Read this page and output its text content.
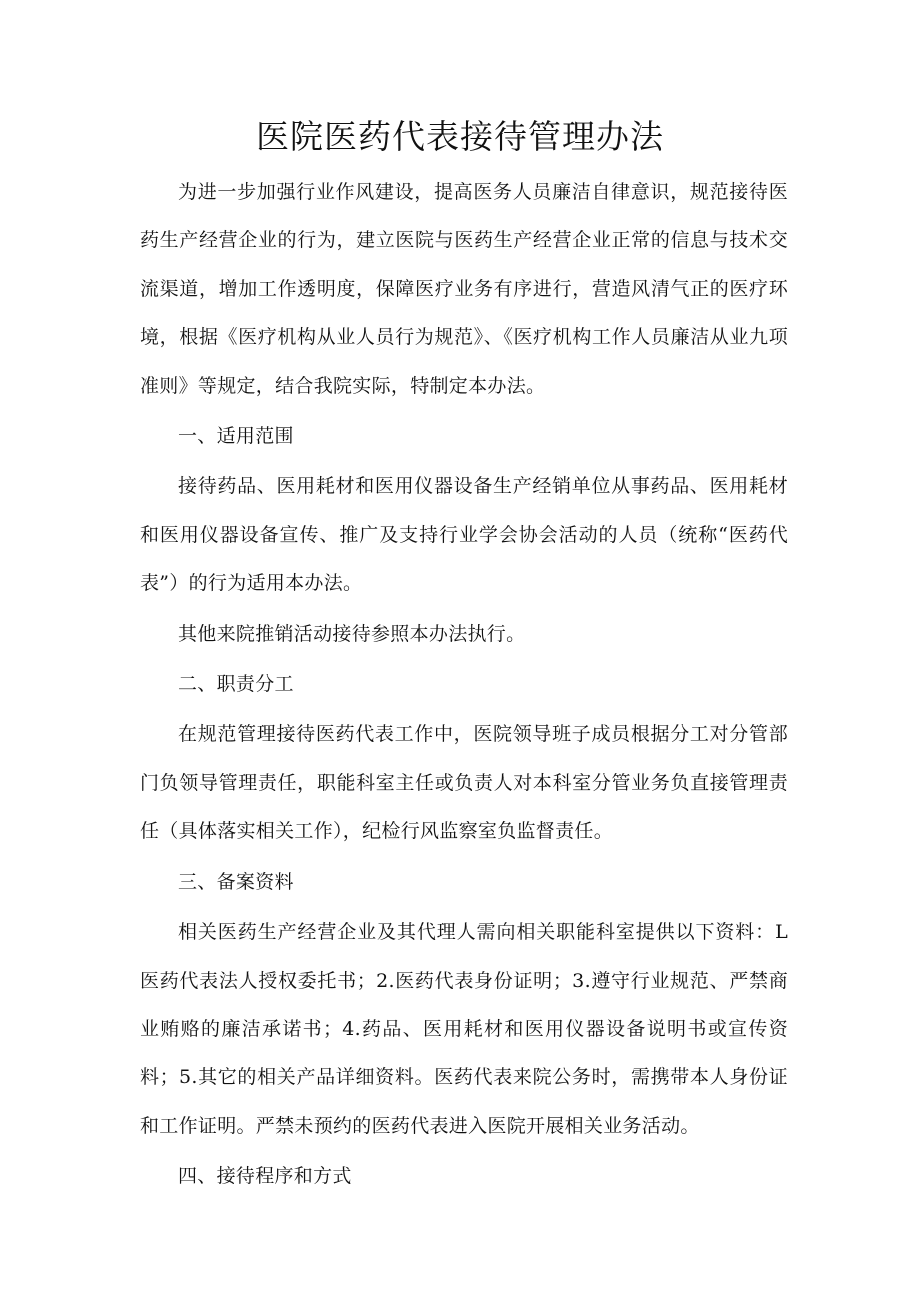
医院医药代表接待管理办法

为进一步加强行业作风建设，提高医务人员廉洁自律意识，规范接待医药生产经营企业的行为，建立医院与医药生产经营企业正常的信息与技术交流渠道，增加工作透明度，保障医疗业务有序进行，营造风清气正的医疗环境，根据《医疗机构从业人员行为规范》、《医疗机构工作人员廉洁从业九项准则》等规定，结合我院实际，特制定本办法。

一、适用范围

接待药品、医用耗材和医用仪器设备生产经销单位从事药品、医用耗材和医用仪器设备宣传、推广及支持行业学会协会活动的人员（统称“医药代表”）的行为适用本办法。

其他来院推销活动接待参照本办法执行。

二、职责分工

在规范管理接待医药代表工作中，医院领导班子成员根据分工对分管部门负领导管理责任，职能科室主任或负责人对本科室分管业务负直接管理责任（具体落实相关工作），纪检行风监察室负监督责任。

三、备案资料

相关医药生产经营企业及其代理人需向相关职能科室提供以下资料：L医药代表法人授权委托书；2.医药代表身份证明；3.遵守行业规范、严禁商业贿赂的廉洁承诺书；4.药品、医用耗材和医用仪器设备说明书或宣传资料；5.其它的相关产品详细资料。医药代表来院公务时，需携带本人身份证和工作证明。严禁未预约的医药代表进入医院开展相关业务活动。

四、接待程序和方式
